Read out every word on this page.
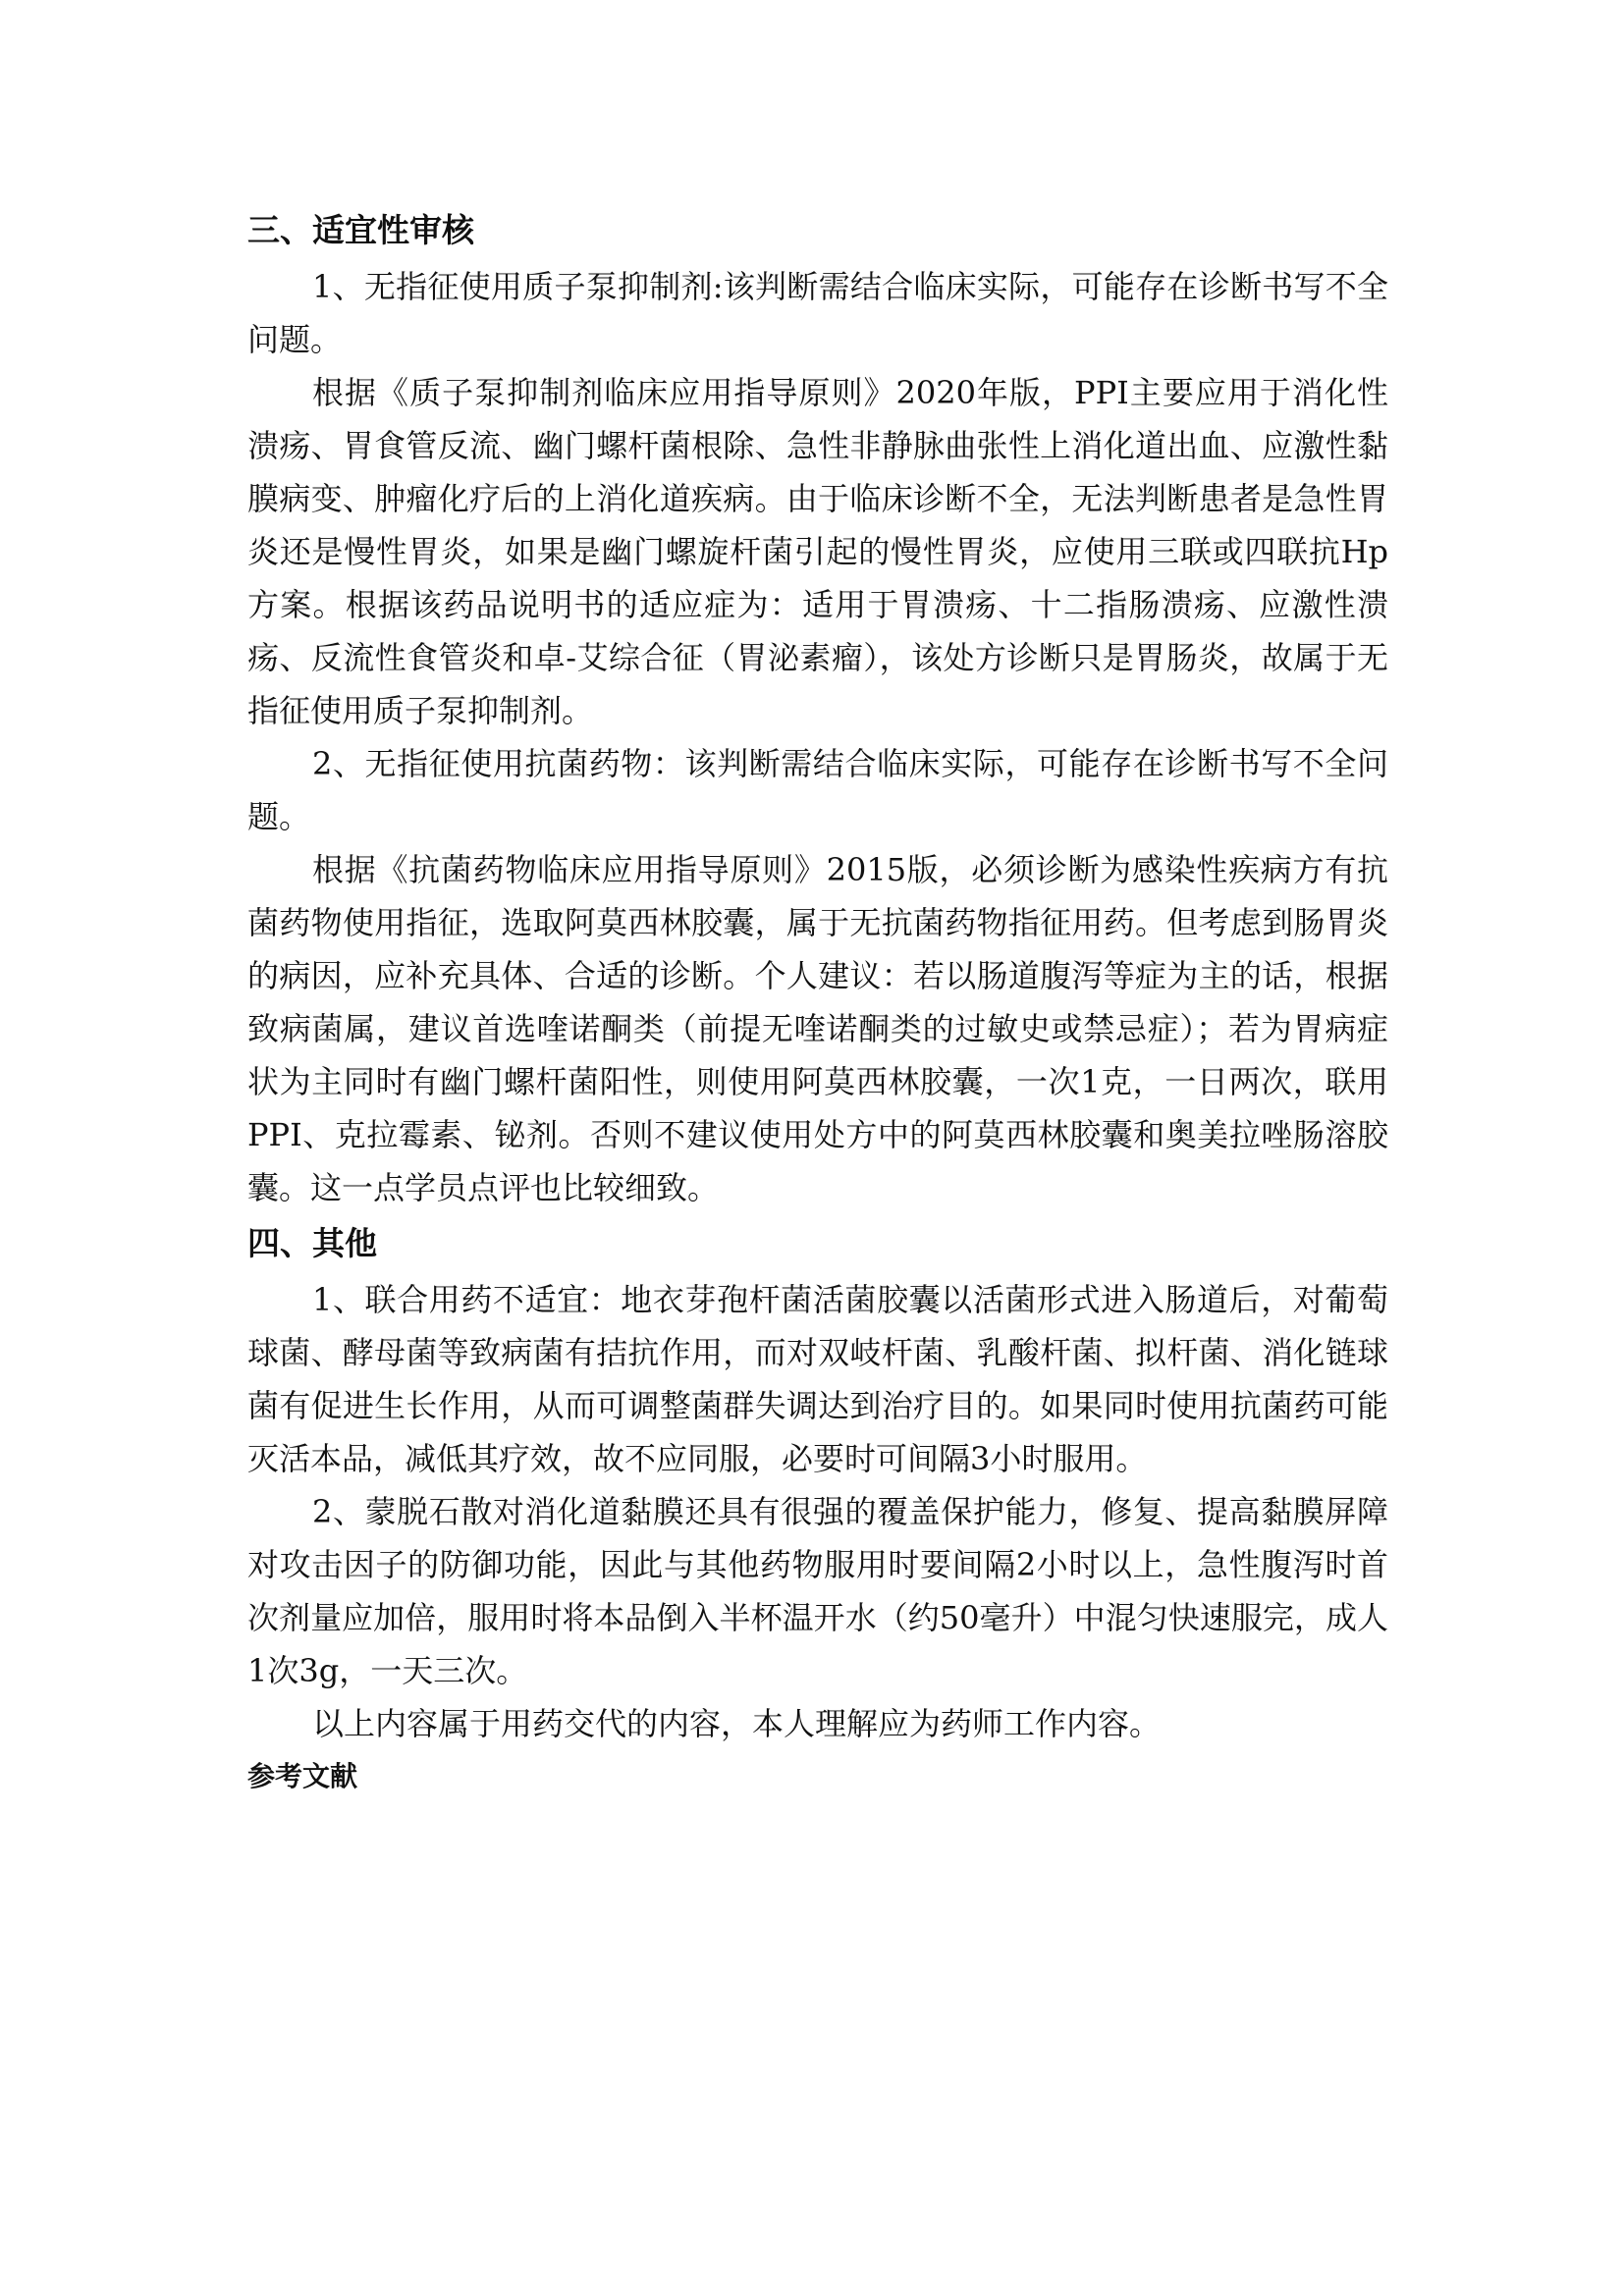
三、适宜性审核

1、无指征使用质子泵抑制剂:该判断需结合临床实际，可能存在诊断书写不全问题。

根据《质子泵抑制剂临床应用指导原则》2020年版，PPI主要应用于消化性溃疡、胃食管反流、幽门螺杆菌根除、急性非静脉曲张性上消化道出血、应激性黏膜病变、肿瘤化疗后的上消化道疾病。由于临床诊断不全，无法判断患者是急性胃炎还是慢性胃炎，如果是幽门螺旋杆菌引起的慢性胃炎，应使用三联或四联抗Hp方案。根据该药品说明书的适应症为：适用于胃溃疡、十二指肠溃疡、应激性溃疡、反流性食管炎和卓-艾综合征（胃泌素瘤），该处方诊断只是胃肠炎，故属于无指征使用质子泵抑制剂。

2、无指征使用抗菌药物：该判断需结合临床实际，可能存在诊断书写不全问题。

根据《抗菌药物临床应用指导原则》2015版，必须诊断为感染性疾病方有抗菌药物使用指征，选取阿莫西林胶囊，属于无抗菌药物指征用药。但考虑到肠胃炎的病因，应补充具体、合适的诊断。个人建议：若以肠道腹泻等症为主的话，根据致病菌属，建议首选喹诺酮类（前提无喹诺酮类的过敏史或禁忌症）；若为胃病症状为主同时有幽门螺杆菌阳性，则使用阿莫西林胶囊，一次1克，一日两次，联用PPI、克拉霉素、铋剂。否则不建议使用处方中的阿莫西林胶囊和奥美拉唑肠溶胶囊。这一点学员点评也比较细致。

四、其他

1、联合用药不适宜：地衣芽孢杆菌活菌胶囊以活菌形式进入肠道后，对葡萄球菌、酵母菌等致病菌有拮抗作用，而对双岐杆菌、乳酸杆菌、拟杆菌、消化链球菌有促进生长作用，从而可调整菌群失调达到治疗目的。如果同时使用抗菌药可能灭活本品，减低其疗效，故不应同服，必要时可间隔3小时服用。

2、蒙脱石散对消化道黏膜还具有很强的覆盖保护能力，修复、提高黏膜屏障对攻击因子的防御功能，因此与其他药物服用时要间隔2小时以上，急性腹泻时首次剂量应加倍，服用时将本品倒入半杯温开水（约50毫升）中混匀快速服完，成人1次3g，一天三次。

以上内容属于用药交代的内容，本人理解应为药师工作内容。

参考文献
